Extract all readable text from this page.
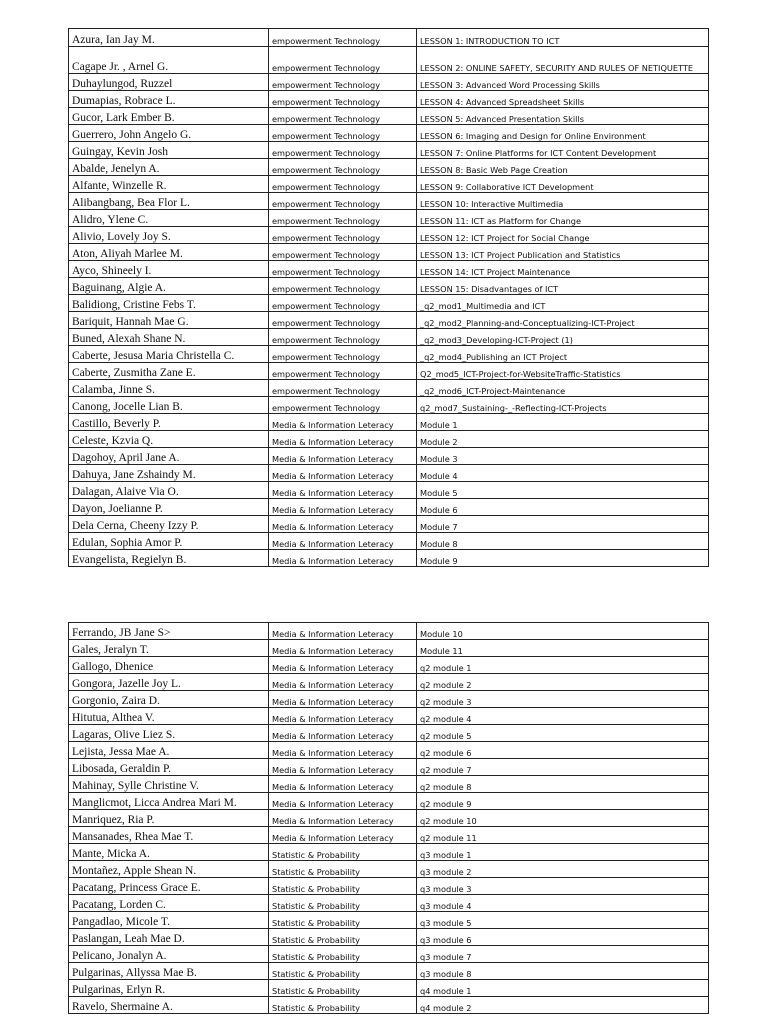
Azura, Ian Jay M.	empowerment Technology	LESSON 1: INTRODUCTION TO ICT
Cagape Jr. , Arnel G.	empowerment Technology	LESSON 2: ONLINE SAFETY, SECURITY AND RULES OF NETIQUETTE
Duhaylungod, Ruzzel	empowerment Technology	LESSON 3: Advanced Word Processing Skills
Dumapias, Robrace L.	empowerment Technology	LESSON 4: Advanced Spreadsheet Skills
Gucor, Lark Ember B.	empowerment Technology	LESSON 5: Advanced Presentation Skills
Guerrero, John Angelo G.	empowerment Technology	LESSON 6: Imaging and Design for Online Environment
Guingay, Kevin Josh	empowerment Technology	LESSON 7: Online Platforms for ICT Content Development
Abalde, Jenelyn A.	empowerment Technology	LESSON 8: Basic Web Page Creation
Alfante, Winzelle R.	empowerment Technology	LESSON 9: Collaborative ICT Development
Alibangbang, Bea Flor L.	empowerment Technology	LESSON 10: Interactive Multimedia
Alidro, Ylene C.	empowerment Technology	LESSON 11: ICT as Platform for Change
Alivio, Lovely Joy S.	empowerment Technology	LESSON 12: ICT Project for Social Change
Aton, Aliyah Marlee M.	empowerment Technology	LESSON 13: ICT Project Publication and Statistics
Ayco, Shineely I.	empowerment Technology	LESSON 14: ICT Project Maintenance
Baguinang, Algie A.	empowerment Technology	LESSON 15: Disadvantages of ICT
Balidiong, Cristine Febs T.	empowerment Technology	_q2_mod1_Multimedia and ICT
Bariquit, Hannah Mae G.	empowerment Technology	_q2_mod2_Planning-and-Conceptualizing-ICT-Project
Buned, Alexah Shane N.	empowerment Technology	_q2_mod3_Developing-ICT-Project (1)
Caberte, Jesusa Maria Christella C.	empowerment Technology	_q2_mod4_Publishing an ICT Project
Caberte, Zusmitha Zane E.	empowerment Technology	Q2_mod5_ICT-Project-for-WebsiteTraffic-Statistics
Calamba, Jinne S.	empowerment Technology	_q2_mod6_ICT-Project-Maintenance
Canong, Jocelle Lian B.	empowerment Technology	q2_mod7_Sustaining-_-Reflecting-ICT-Projects
Castillo, Beverly P.	Media & Information Leteracy	Module 1
Celeste, Kzvia Q.	Media & Information Leteracy	Module 2
Dagohoy, April Jane A.	Media & Information Leteracy	Module 3
Dahuya, Jane Zshaindy M.	Media & Information Leteracy	Module 4
Dalagan, Alaive Via O.	Media & Information Leteracy	Module 5
Dayon, Joelianne P.	Media & Information Leteracy	Module 6
Dela Cerna, Cheeny Izzy P.	Media & Information Leteracy	Module 7
Edulan, Sophia Amor P.	Media & Information Leteracy	Module 8
Evangelista, Regielyn B.	Media & Information Leteracy	Module 9
Ferrando, JB Jane S>	Media & Information Leteracy	Module 10
Gales, Jeralyn T.	Media & Information Leteracy	Module 11
Gallogo, Dhenice	Media & Information Leteracy	q2 module 1
Gongora, Jazelle Joy L.	Media & Information Leteracy	q2 module 2
Gorgonio, Zaira D.	Media & Information Leteracy	q2 module 3
Hitutua, Althea V.	Media & Information Leteracy	q2 module 4
Lagaras, Olive Liez S.	Media & Information Leteracy	q2 module 5
Lejista, Jessa Mae A.	Media & Information Leteracy	q2 module 6
Libosada, Geraldin P.	Media & Information Leteracy	q2 module 7
Mahinay, Sylle Christine V.	Media & Information Leteracy	q2 module 8
Manglicmot, Licca Andrea Mari M.	Media & Information Leteracy	q2 module 9
Manriquez, Ria P.	Media & Information Leteracy	q2 module 10
Mansanades, Rhea Mae T.	Media & Information Leteracy	q2 module 11
Mante, Micka A.	Statistic & Probability	q3 module 1
Montañez, Apple Shean N.	Statistic & Probability	q3 module 2
Pacatang, Princess Grace E.	Statistic & Probability	q3 module 3
Pacatang, Lorden C.	Statistic & Probability	q3 module 4
Pangadlao, Micole T.	Statistic & Probability	q3 module 5
Paslangan, Leah Mae D.	Statistic & Probability	q3 module 6
Pelicano, Jonalyn A.	Statistic & Probability	q3 module 7
Pulgarinas, Allyssa Mae B.	Statistic & Probability	q3 module 8
Pulgarinas, Erlyn R.	Statistic & Probability	q4 module 1
Ravelo, Shermaine A.	Statistic & Probability	q4 module 2
